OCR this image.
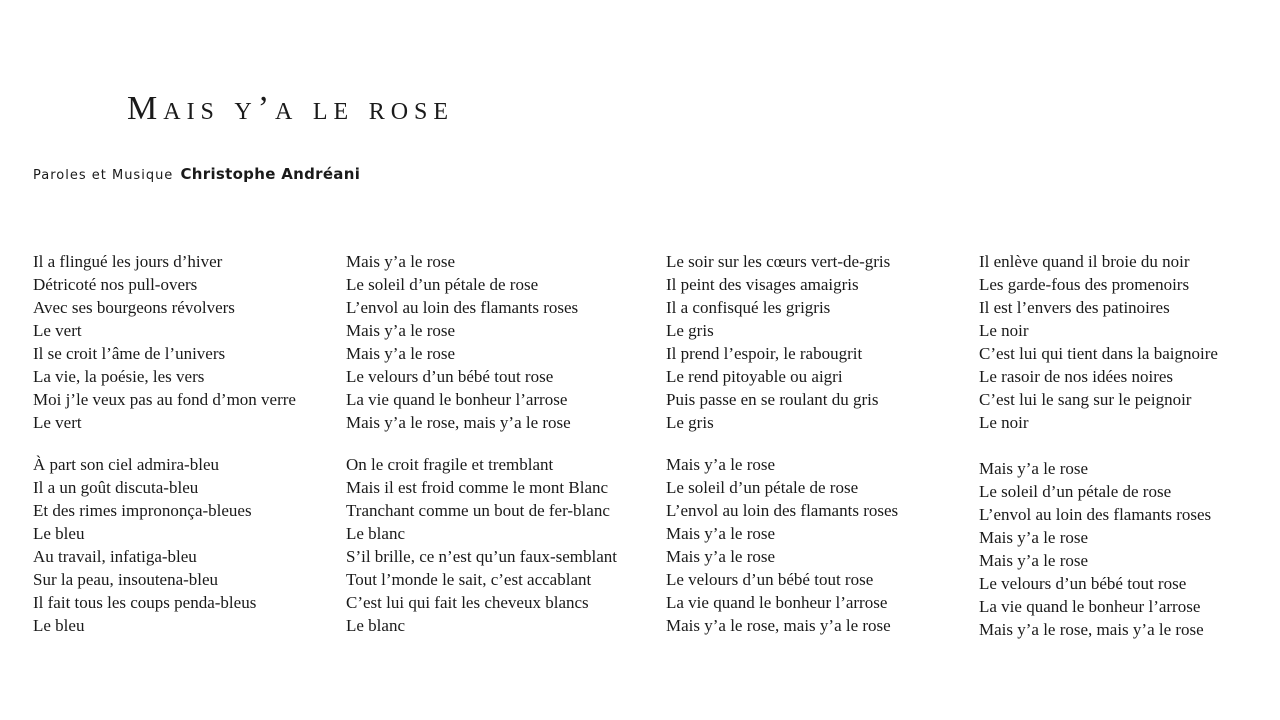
Mais y’a le rose
Paroles et Musique Christophe Andréani
Il a flingué les jours d’hiver
Détricoté nos pull-overs
Avec ses bourgeons révolvers
Le vert
Il se croit l’âme de l’univers
La vie, la poésie, les vers
Moi j’le veux pas au fond d’mon verre
Le vert
À part son ciel admira-bleu
Il a un goût discuta-bleu
Et des rimes imprononça-bleues
Le bleu
Au travail, infatiga-bleu
Sur la peau, insoutena-bleu
Il fait tous les coups penda-bleus
Le bleu
Mais y’a le rose
Le soleil d’un pétale de rose
L’envol au loin des flamants roses
Mais y’a le rose
Mais y’a le rose
Le velours d’un bébé tout rose
La vie quand le bonheur l’arrose
Mais y’a le rose, mais y’a le rose
On le croit fragile et tremblant
Mais il est froid comme le mont Blanc
Tranchant comme un bout de fer-blanc
Le blanc
S’il brille, ce n’est qu’un faux-semblant
Tout l’monde le sait, c’est accablant
C’est lui qui fait les cheveux blancs
Le blanc
Le soir sur les cœurs vert-de-gris
Il peint des visages amaigris
Il a confisqué les grigris
Le gris
Il prend l’espoir, le rabougrit
Le rend pitoyable ou aigri
Puis passe en se roulant du gris
Le gris
Mais y’a le rose
Le soleil d’un pétale de rose
L’envol au loin des flamants roses
Mais y’a le rose
Mais y’a le rose
Le velours d’un bébé tout rose
La vie quand le bonheur l’arrose
Mais y’a le rose, mais y’a le rose
Il enlève quand il broie du noir
Les garde-fous des promenoirs
Il est l’envers des patinoires
Le noir
C’est lui qui tient dans la baignoire
Le rasoir de nos idées noires
C’est lui le sang sur le peignoir
Le noir
Mais y’a le rose
Le soleil d’un pétale de rose
L’envol au loin des flamants roses
Mais y’a le rose
Mais y’a le rose
Le velours d’un bébé tout rose
La vie quand le bonheur l’arrose
Mais y’a le rose, mais y’a le rose
